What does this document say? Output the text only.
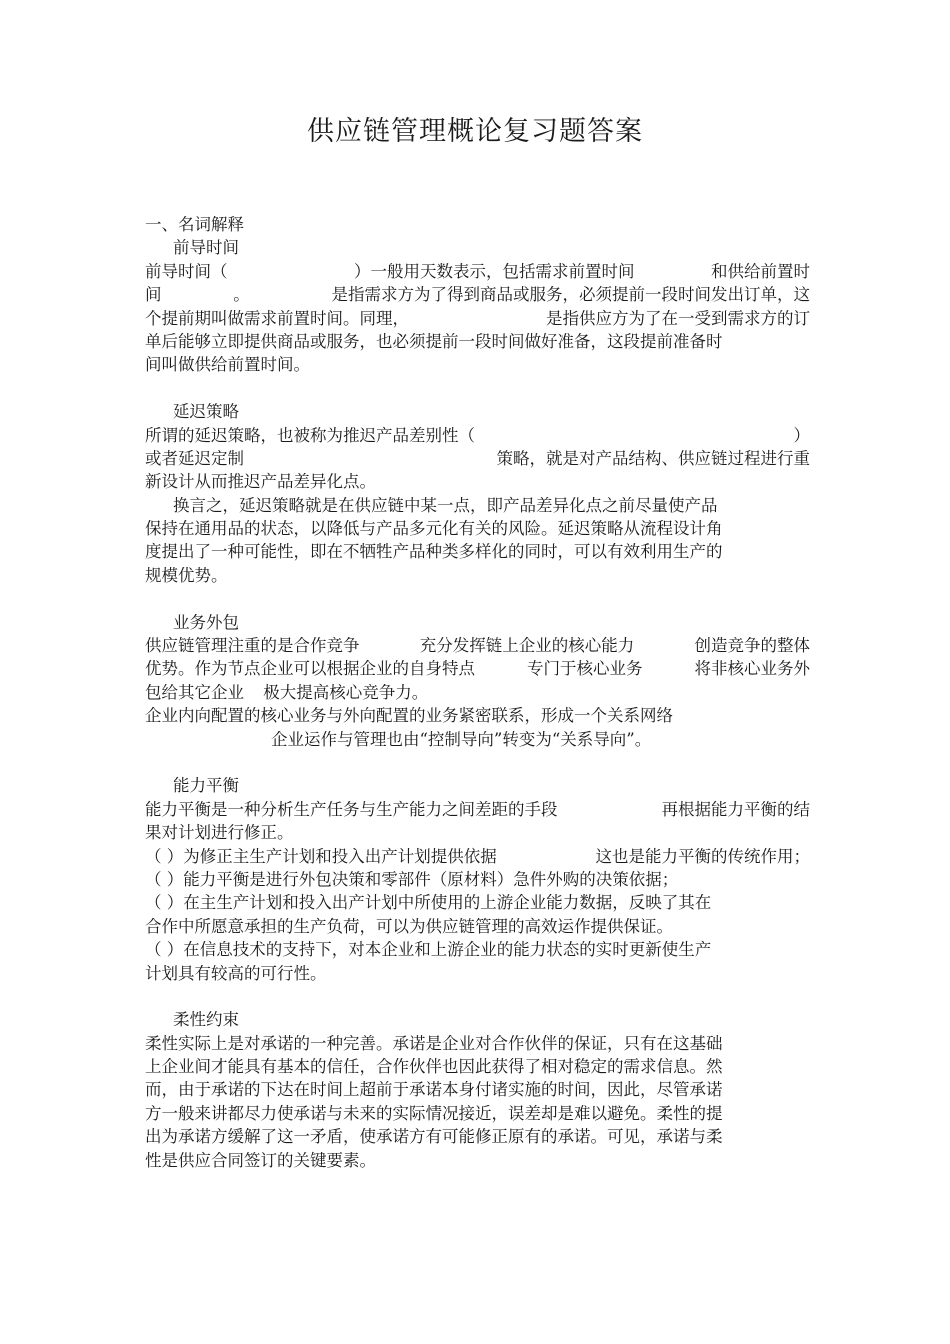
供应链管理概论复习题答案
一、名词解释
前导时间
前导时间（	）一般用天数表示，包括需求前置时间	和供给前置时
间	。	是指需求方为了得到商品或服务，必须提前一段时间发出订单，这
个提前期叫做需求前置时间。同理，	是指供应方为了在一受到需求方的订
单后能够立即提供商品或服务，也必须提前一段时间做好准备，这段提前准备时
间叫做供给前置时间。
延迟策略
所谓的延迟策略，也被称为推迟产品差别性（	）
或者延迟定制	策略，就是对产品结构、供应链过程进行重
新设计从而推迟产品差异化点。
换言之，延迟策略就是在供应链中某一点，即产品差异化点之前尽量使产品
保持在通用品的状态，以降低与产品多元化有关的风险。延迟策略从流程设计角
度提出了一种可能性，即在不牺牲产品种类多样化的同时，可以有效利用生产的
规模优势。
业务外包
供应链管理注重的是合作竞争	充分发挥链上企业的核心能力	创造竞争的整体
优势。作为节点企业可以根据企业的自身特点	专门于核心业务	将非核心业务外
包给其它企业 极大提高核心竞争力。
企业内向配置的核心业务与外向配置的业务紧密联系，形成一个关系网络
企业运作与管理也由“控制导向”转变为“关系导向”。
能力平衡
能力平衡是一种分析生产任务与生产能力之间差距的手段	再根据能力平衡的结
果对计划进行修正。
（ ）为修正主生产计划和投入出产计划提供依据	这也是能力平衡的传统作用；
（ ）能力平衡是进行外包决策和零部件（原材料）急件外购的决策依据；
（ ）在主生产计划和投入出产计划中所使用的上游企业能力数据，反映了其在
合作中所愿意承担的生产负荷，可以为供应链管理的高效运作提供保证。
（ ）在信息技术的支持下，对本企业和上游企业的能力状态的实时更新使生产
计划具有较高的可行性。
柔性约束
柔性实际上是对承诺的一种完善。承诺是企业对合作伙伴的保证，只有在这基础
上企业间才能具有基本的信任，合作伙伴也因此获得了相对稳定的需求信息。然
而，由于承诺的下达在时间上超前于承诺本身付诸实施的时间，因此，尽管承诺
方一般来讲都尽力使承诺与未来的实际情况接近，误差却是难以避免。柔性的提
出为承诺方缓解了这一矛盾，使承诺方有可能修正原有的承诺。可见，承诺与柔
性是供应合同签订的关键要素。
